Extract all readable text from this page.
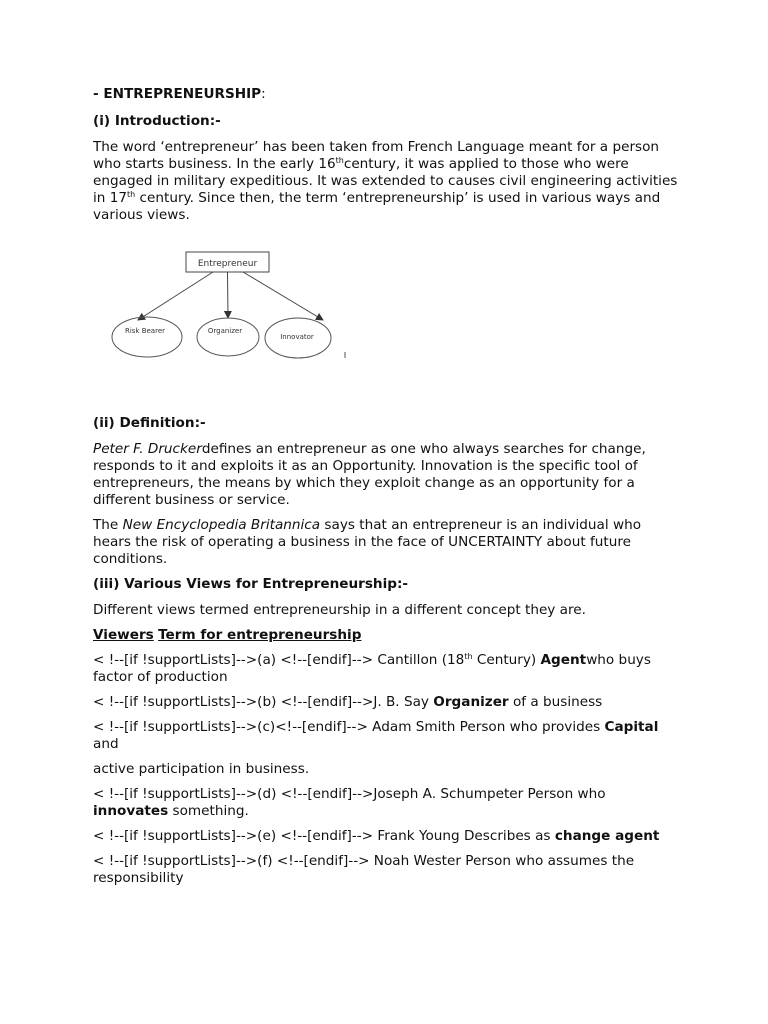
- ENTREPRENEURSHIP:

(i) Introduction:-

The word ‘entrepreneur’ has been taken from French Language meant for a person who starts business. In the early 16thcentury, it was applied to those who were engaged in military expeditious. It was extended to causes civil engineering activities in 17th century. Since then, the term ‘entrepreneurship’ is used in various ways and various views.

Entrepreneur
Risk Bearer	Organizer
Innovator

(ii) Definition:-

Peter F. Druckerdefines an entrepreneur as one who always searches for change, responds to it and exploits it as an Opportunity. Innovation is the specific tool of entrepreneurs, the means by which they exploit change as an opportunity for a different business or service.

The New Encyclopedia Britannica says that an entrepreneur is an individual who hears the risk of operating a business in the face of UNCERTAINTY about future conditions.

(iii) Various Views for Entrepreneurship:-

Different views termed entrepreneurship in a different concept they are.

Viewers Term for entrepreneurship

< !--[if !supportLists]-->(a) <!--[endif]--> Cantillon (18th Century) Agentwho buys factor of production

< !--[if !supportLists]-->(b) <!--[endif]-->J. B. Say Organizer of a business

< !--[if !supportLists]-->(c)<!--[endif]--> Adam Smith Person who provides Capital and

active participation in business.

< !--[if !supportLists]-->(d) <!--[endif]-->Joseph A. Schumpeter Person who innovates something.

< !--[if !supportLists]-->(e) <!--[endif]--> Frank Young Describes as change agent

< !--[if !supportLists]-->(f) <!--[endif]--> Noah Wester Person who assumes the responsibility
